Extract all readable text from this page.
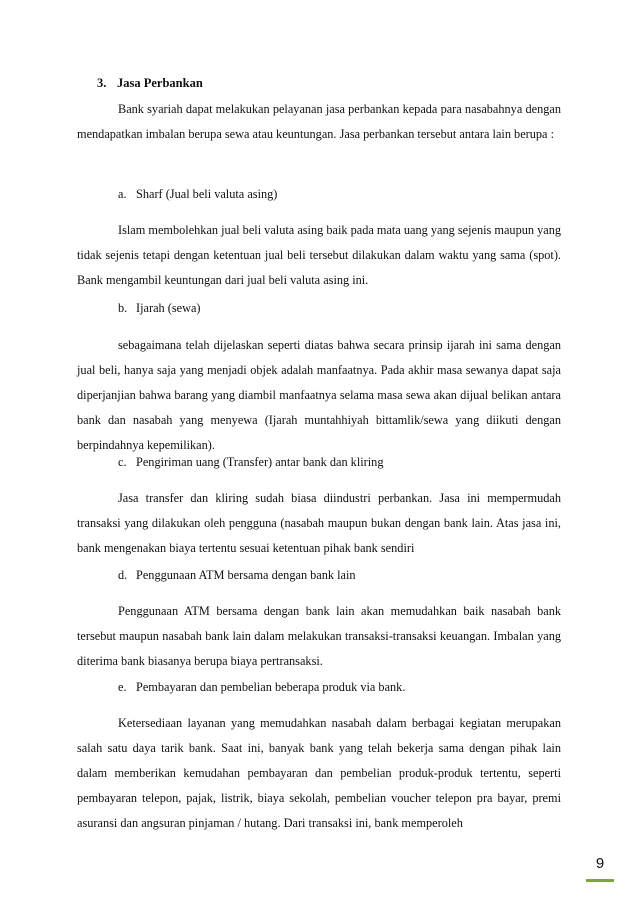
3. Jasa Perbankan

Bank syariah dapat melakukan pelayanan jasa perbankan kepada para nasabahnya dengan mendapatkan imbalan berupa sewa atau keuntungan. Jasa perbankan tersebut antara lain berupa :

a. Sharf (Jual beli valuta asing)

Islam membolehkan jual beli valuta asing baik pada mata uang yang sejenis maupun yang tidak sejenis tetapi dengan ketentuan jual beli tersebut dilakukan dalam waktu yang sama (spot). Bank mengambil keuntungan dari jual beli valuta asing ini.

b. Ijarah (sewa)

sebagaimana telah dijelaskan seperti diatas bahwa secara prinsip ijarah ini sama dengan jual beli, hanya saja yang menjadi objek adalah manfaatnya. Pada akhir masa sewanya dapat saja diperjanjian bahwa barang yang diambil manfaatnya selama masa sewa akan dijual belikan antara bank dan nasabah yang menyewa (Ijarah muntahhiyah bittamlik/sewa yang diikuti dengan berpindahnya kepemilikan).

c. Pengiriman uang (Transfer) antar bank dan kliring

Jasa transfer dan kliring sudah biasa diindustri perbankan. Jasa ini mempermudah transaksi yang dilakukan oleh pengguna (nasabah maupun bukan dengan bank lain. Atas jasa ini, bank mengenakan biaya tertentu sesuai ketentuan pihak bank sendiri

d. Penggunaan ATM bersama dengan bank lain

Penggunaan ATM bersama dengan bank lain akan memudahkan baik nasabah bank tersebut maupun nasabah bank lain dalam melakukan transaksi-transaksi keuangan. Imbalan yang diterima bank biasanya berupa biaya pertransaksi.

e. Pembayaran dan pembelian beberapa produk via bank.

Ketersediaan layanan yang memudahkan nasabah dalam berbagai kegiatan merupakan salah satu daya tarik bank. Saat ini, banyak bank yang telah bekerja sama dengan pihak lain dalam memberikan kemudahan pembayaran dan pembelian produk-produk tertentu, seperti pembayaran telepon, pajak, listrik, biaya sekolah, pembelian voucher telepon pra bayar, premi asuransi dan angsuran pinjaman / hutang. Dari transaksi ini, bank memperoleh

9
